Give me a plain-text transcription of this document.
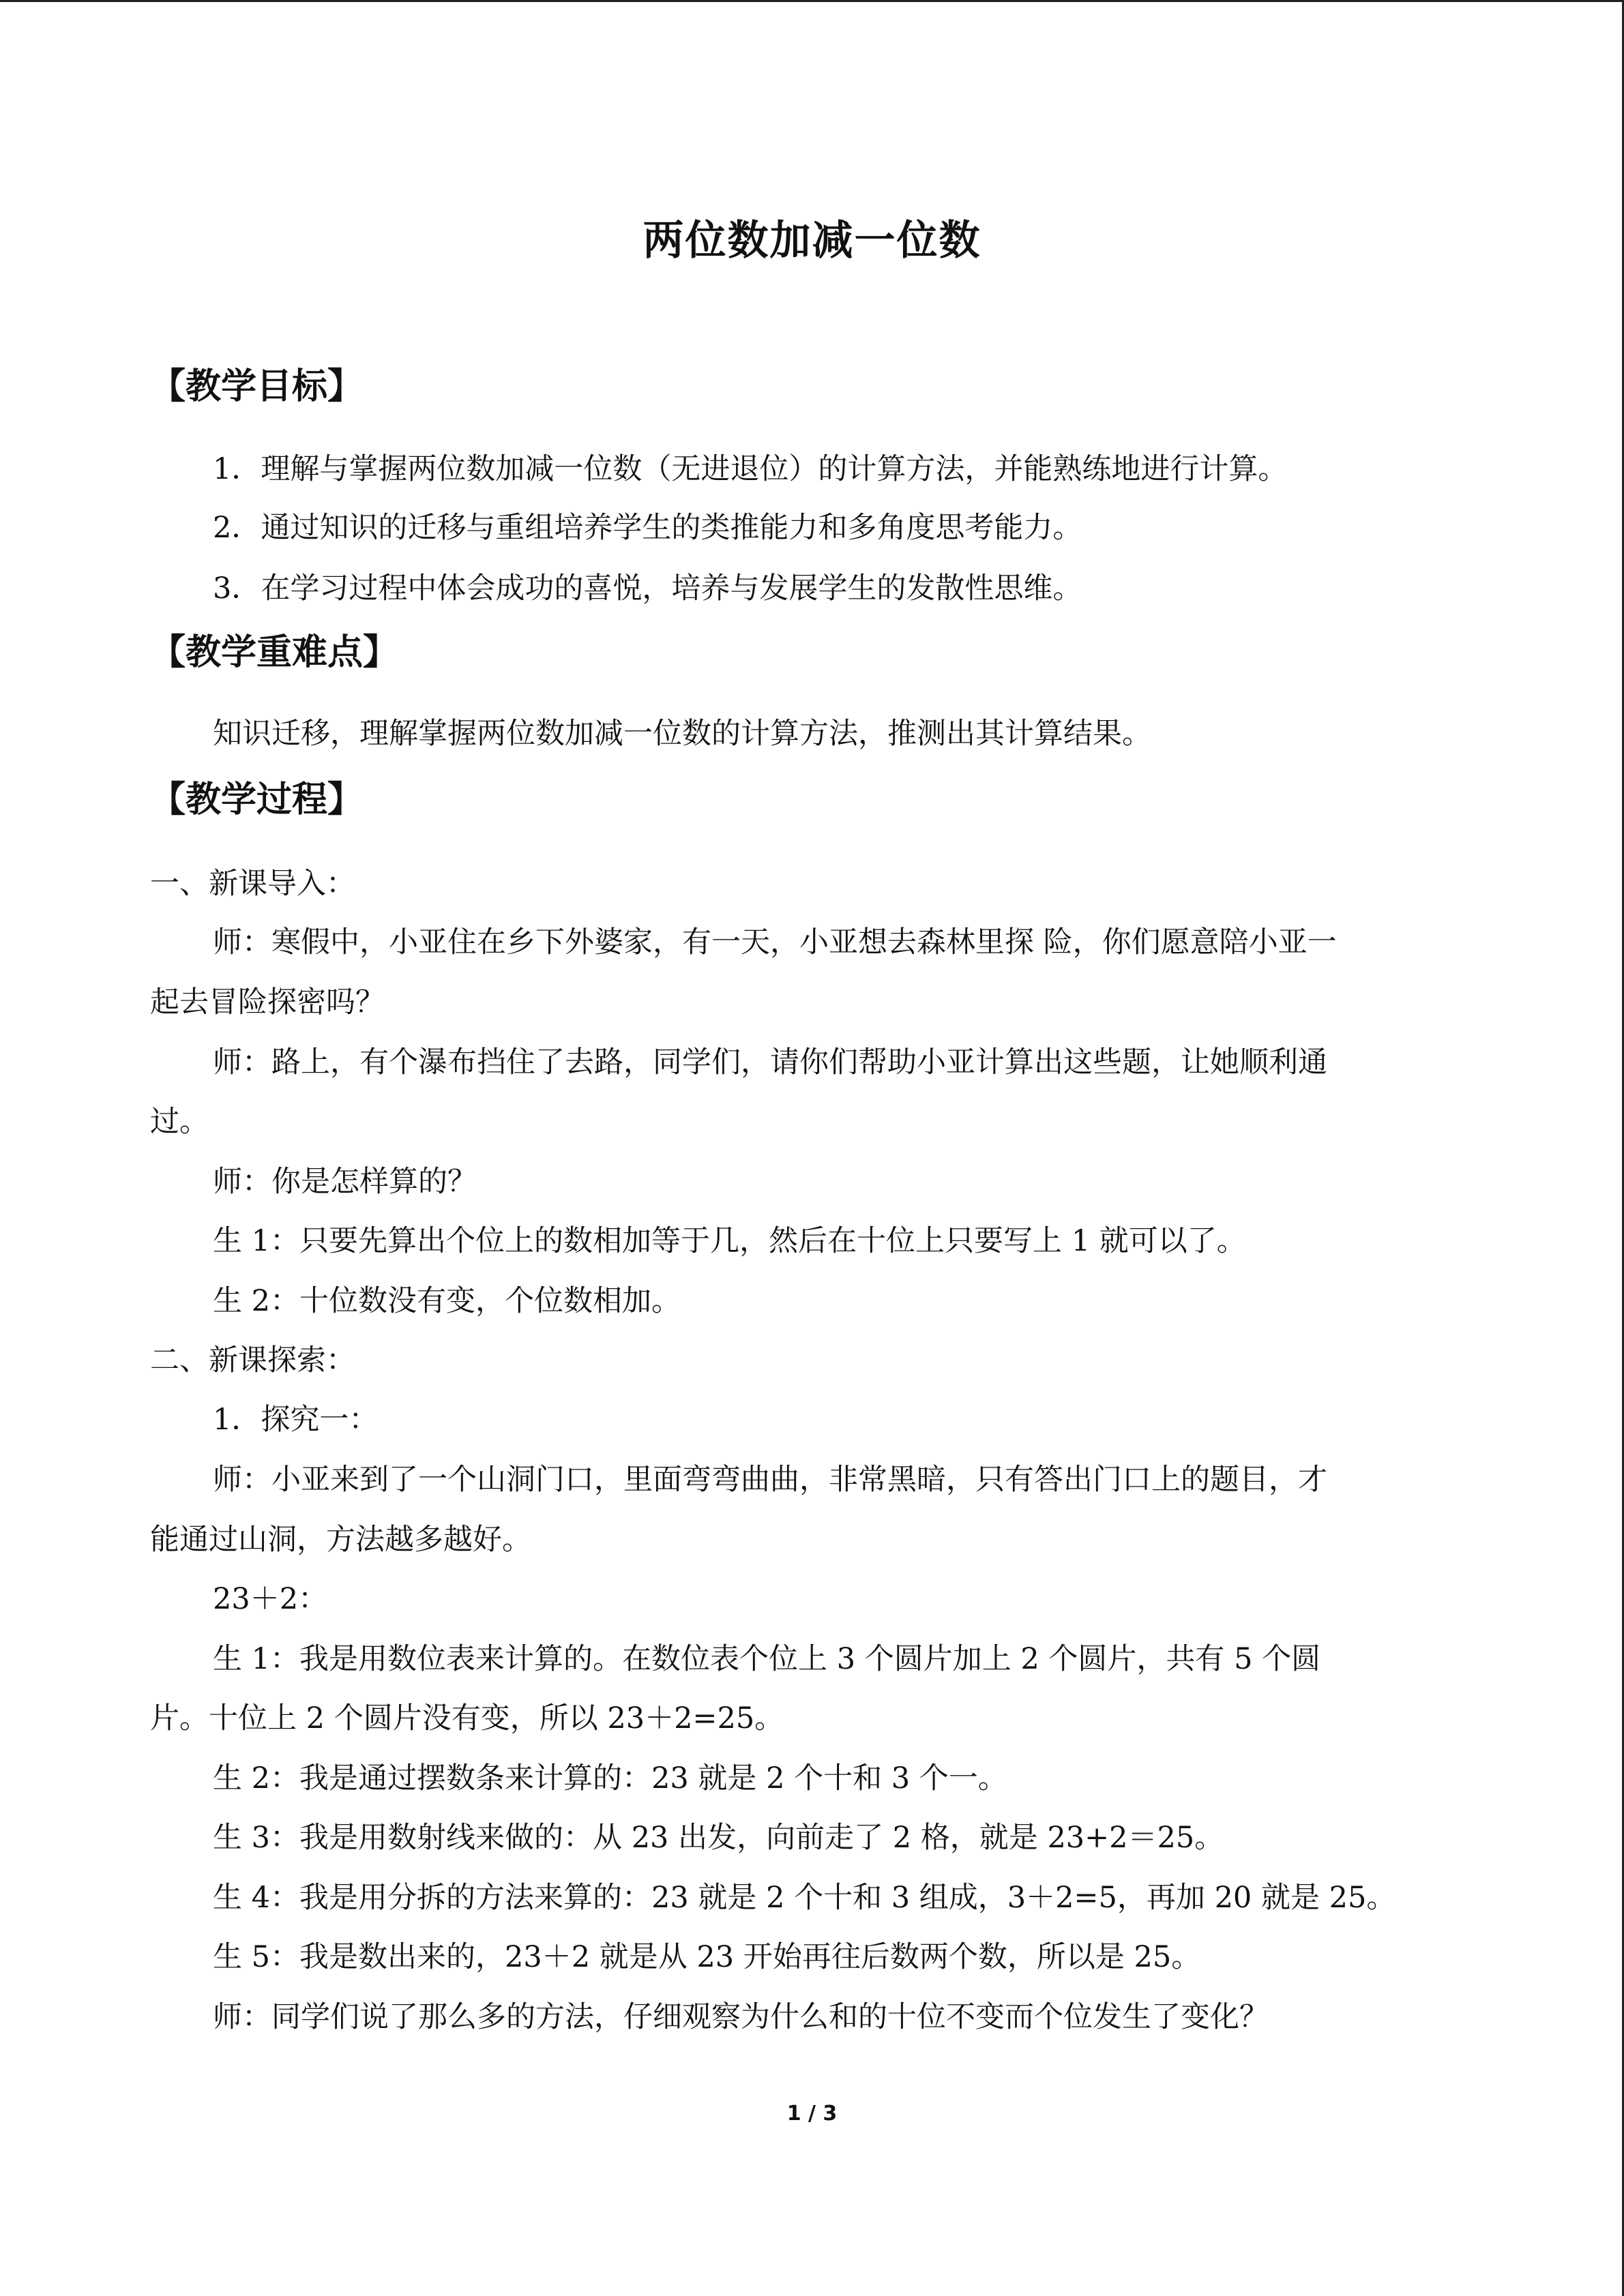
两位数加减一位数
【教学目标】
1．理解与掌握两位数加减一位数（无进退位）的计算方法，并能熟练地进行计算。
2．通过知识的迁移与重组培养学生的类推能力和多角度思考能力。
3．在学习过程中体会成功的喜悦，培养与发展学生的发散性思维。
【教学重难点】
知识迁移，理解掌握两位数加减一位数的计算方法，推测出其计算结果。
【教学过程】
一、新课导入：
师：寒假中，小亚住在乡下外婆家，有一天，小亚想去森林里探 险，你们愿意陪小亚一
起去冒险探密吗？
师：路上，有个瀑布挡住了去路，同学们，请你们帮助小亚计算出这些题，让她顺利通
过。
师：你是怎样算的？
生 1：只要先算出个位上的数相加等于几，然后在十位上只要写上 1 就可以了。
生 2：十位数没有变，个位数相加。
二、新课探索：
1．探究一：
师：小亚来到了一个山洞门口，里面弯弯曲曲，非常黑暗，只有答出门口上的题目，才
能通过山洞，方法越多越好。
23＋2：
生 1：我是用数位表来计算的。在数位表个位上 3 个圆片加上 2 个圆片，共有 5 个圆
片。十位上 2 个圆片没有变，所以 23＋2=25。
生 2：我是通过摆数条来计算的：23 就是 2 个十和 3 个一。
生 3：我是用数射线来做的：从 23 出发，向前走了 2 格，就是 23+2＝25。
生 4：我是用分拆的方法来算的：23 就是 2 个十和 3 组成，3＋2=5，再加 20 就是 25。
生 5：我是数出来的，23＋2 就是从 23 开始再往后数两个数，所以是 25。
师：同学们说了那么多的方法，仔细观察为什么和的十位不变而个位发生了变化？
1 / 3
